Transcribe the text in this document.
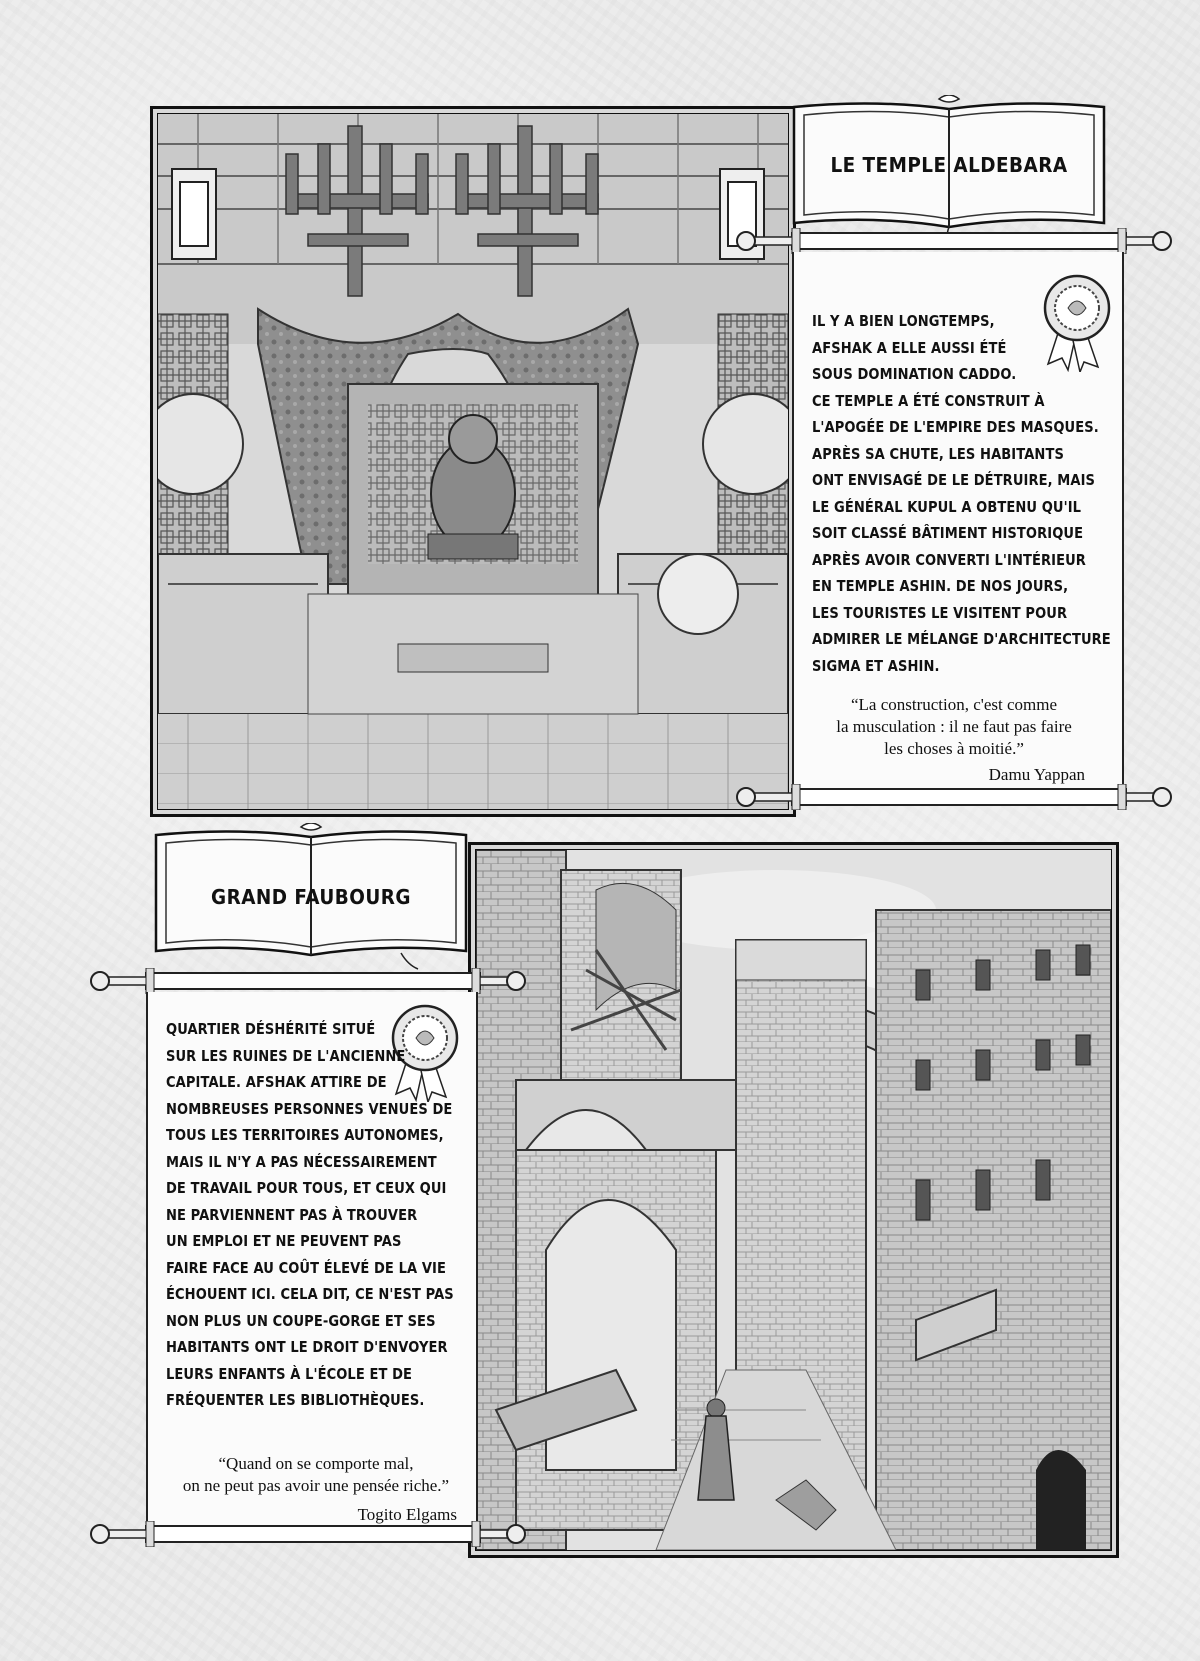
LE TEMPLE ALDEBARA
IL Y A BIEN LONGTEMPS,
AFSHAK A ELLE AUSSI ÉTÉ
SOUS DOMINATION CADDO.
CE TEMPLE A ÉTÉ CONSTRUIT À
L'APOGÉE DE L'EMPIRE DES MASQUES.
APRÈS SA CHUTE, LES HABITANTS
ONT ENVISAGÉ DE LE DÉTRUIRE, MAIS
LE GÉNÉRAL KUPUL A OBTENU QU'IL
SOIT CLASSÉ BÂTIMENT HISTORIQUE
APRÈS AVOIR CONVERTI L'INTÉRIEUR
EN TEMPLE ASHIN. DE NOS JOURS,
LES TOURISTES LE VISITENT POUR
ADMIRER LE MÉLANGE D'ARCHITECTURE
SIGMA ET ASHIN.
“La construction, c'est comme
la musculation : il ne faut pas faire
les choses à moitié.”
Damu Yappan
GRAND FAUBOURG
QUARTIER DÉSHÉRITÉ SITUÉ
SUR LES RUINES DE L'ANCIENNE
CAPITALE. AFSHAK ATTIRE DE
NOMBREUSES PERSONNES VENUES DE
TOUS LES TERRITOIRES AUTONOMES,
MAIS IL N'Y A PAS NÉCESSAIREMENT
DE TRAVAIL POUR TOUS, ET CEUX QUI
NE PARVIENNENT PAS À TROUVER
UN EMPLOI ET NE PEUVENT PAS
FAIRE FACE AU COÛT ÉLEVÉ DE LA VIE
ÉCHOUENT ICI. CELA DIT, CE N'EST PAS
NON PLUS UN COUPE-GORGE ET SES
HABITANTS ONT LE DROIT D'ENVOYER
LEURS ENFANTS À L'ÉCOLE ET DE
FRÉQUENTER LES BIBLIOTHÈQUES.
“Quand on se comporte mal,
on ne peut pas avoir une pensée riche.”
Togito Elgams
